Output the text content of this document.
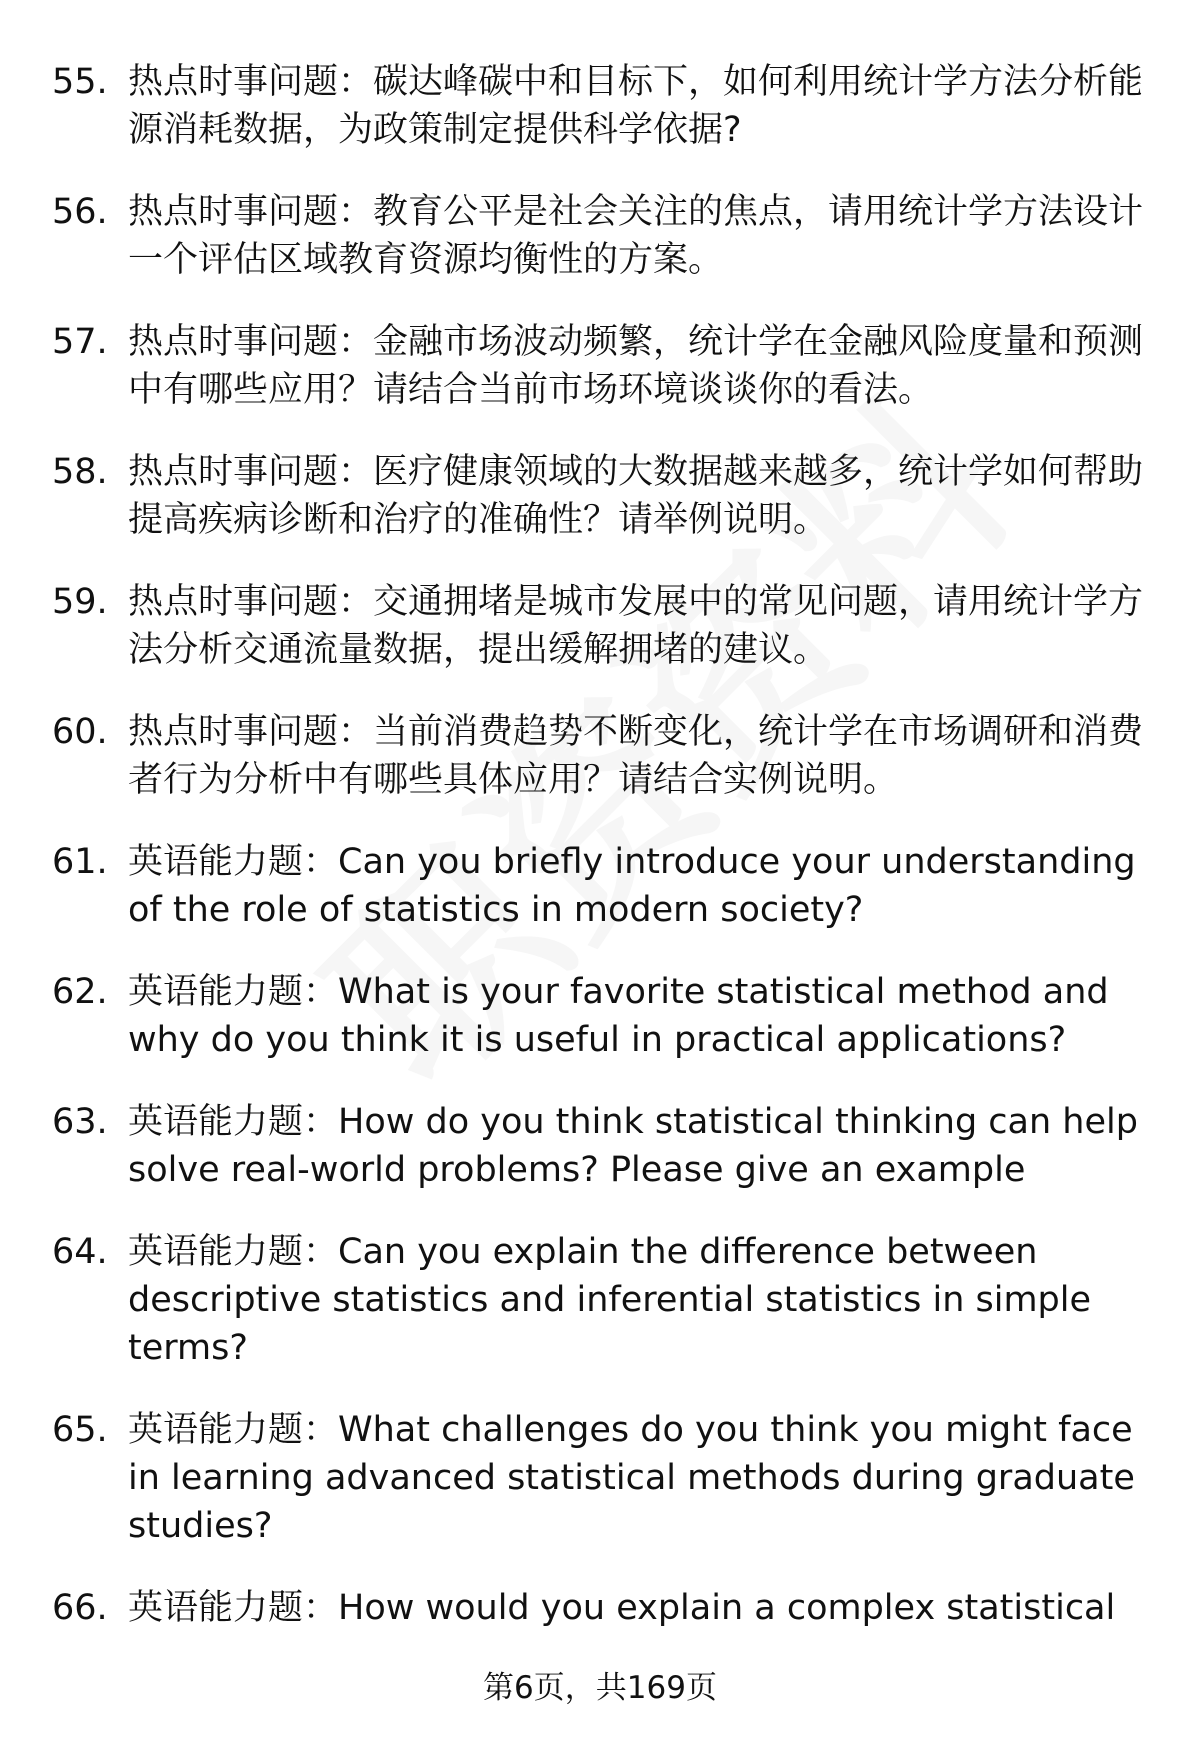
55. 热点时事问题：碳达峰碳中和目标下，如何利用统计学方法分析能源消耗数据，为政策制定提供科学依据?
56. 热点时事问题：教育公平是社会关注的焦点，请用统计学方法设计一个评估区域教育资源均衡性的方案。
57. 热点时事问题：金融市场波动频繁，统计学在金融风险度量和预测中有哪些应用？请结合当前市场环境谈谈你的看法。
58. 热点时事问题：医疗健康领域的大数据越来越多，统计学如何帮助提高疾病诊断和治疗的准确性？请举例说明。
59. 热点时事问题：交通拥堵是城市发展中的常见问题，请用统计学方法分析交通流量数据，提出缓解拥堵的建议。
60. 热点时事问题：当前消费趋势不断变化，统计学在市场调研和消费者行为分析中有哪些具体应用？请结合实例说明。
61. 英语能力题：Can you briefly introduce your understanding of the role of statistics in modern society?
62. 英语能力题：What is your favorite statistical method and why do you think it is useful in practical applications?
63. 英语能力题：How do you think statistical thinking can help solve real-world problems? Please give an example
64. 英语能力题：Can you explain the difference between descriptive statistics and inferential statistics in simple terms?
65. 英语能力题：What challenges do you think you might face in learning advanced statistical methods during graduate studies?
66. 英语能力题：How would you explain a complex statistical
第6页，共169页
